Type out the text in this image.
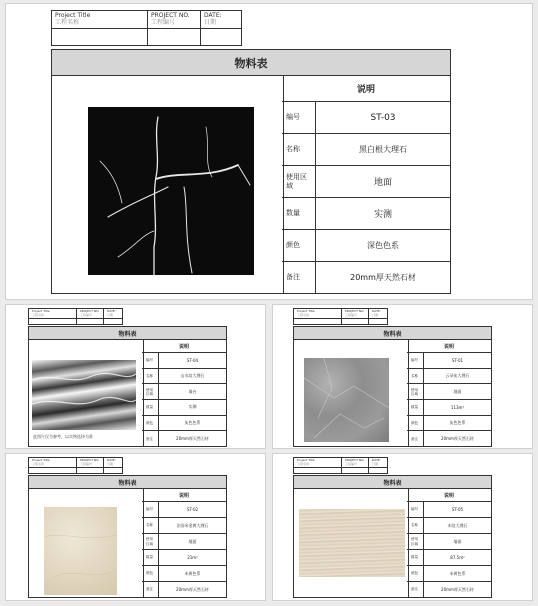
Project Title
工程名称
PROJECT NO.
工程编号
DATE:
日期
物料表
说明
编号	ST-03
名称	黑白根大理石
使用区域	地面
数量	实测
颜色	深色色系
备注	20mm厚天然石材
Project Title
工程名称
PROJECT NO.
工程编号
DATE:
日期
物料表
此图片仅为参考，以实物选择为准
说明
编号	ST-04
名称	山水纹大理石
使用区域	墙台
数量	实测
颜色	灰色色系
备注	20mm厚天然石材
Project Title
工程名称
PROJECT NO.
工程编号
DATE:
日期
物料表
说明
编号	ST-01
名称	云朵灰大理石
使用区域	地面
数量	113m²
颜色	灰色色系
备注	20mm厚天然石材
Project Title
工程名称
PROJECT NO.
工程编号
DATE:
日期
物料表
说明
编号	ST-02
名称	法国米金黄大理石
使用区域	地面
数量	21m²
颜色	米黄色系
备注	20mm厚天然石材
Project Title
工程名称
PROJECT NO.
工程编号
DATE:
日期
物料表
说明
编号	ST-05
名称	木纹大理石
使用区域	墙面
数量	87.5m²
颜色	米黄色系
备注	20mm厚天然石材
